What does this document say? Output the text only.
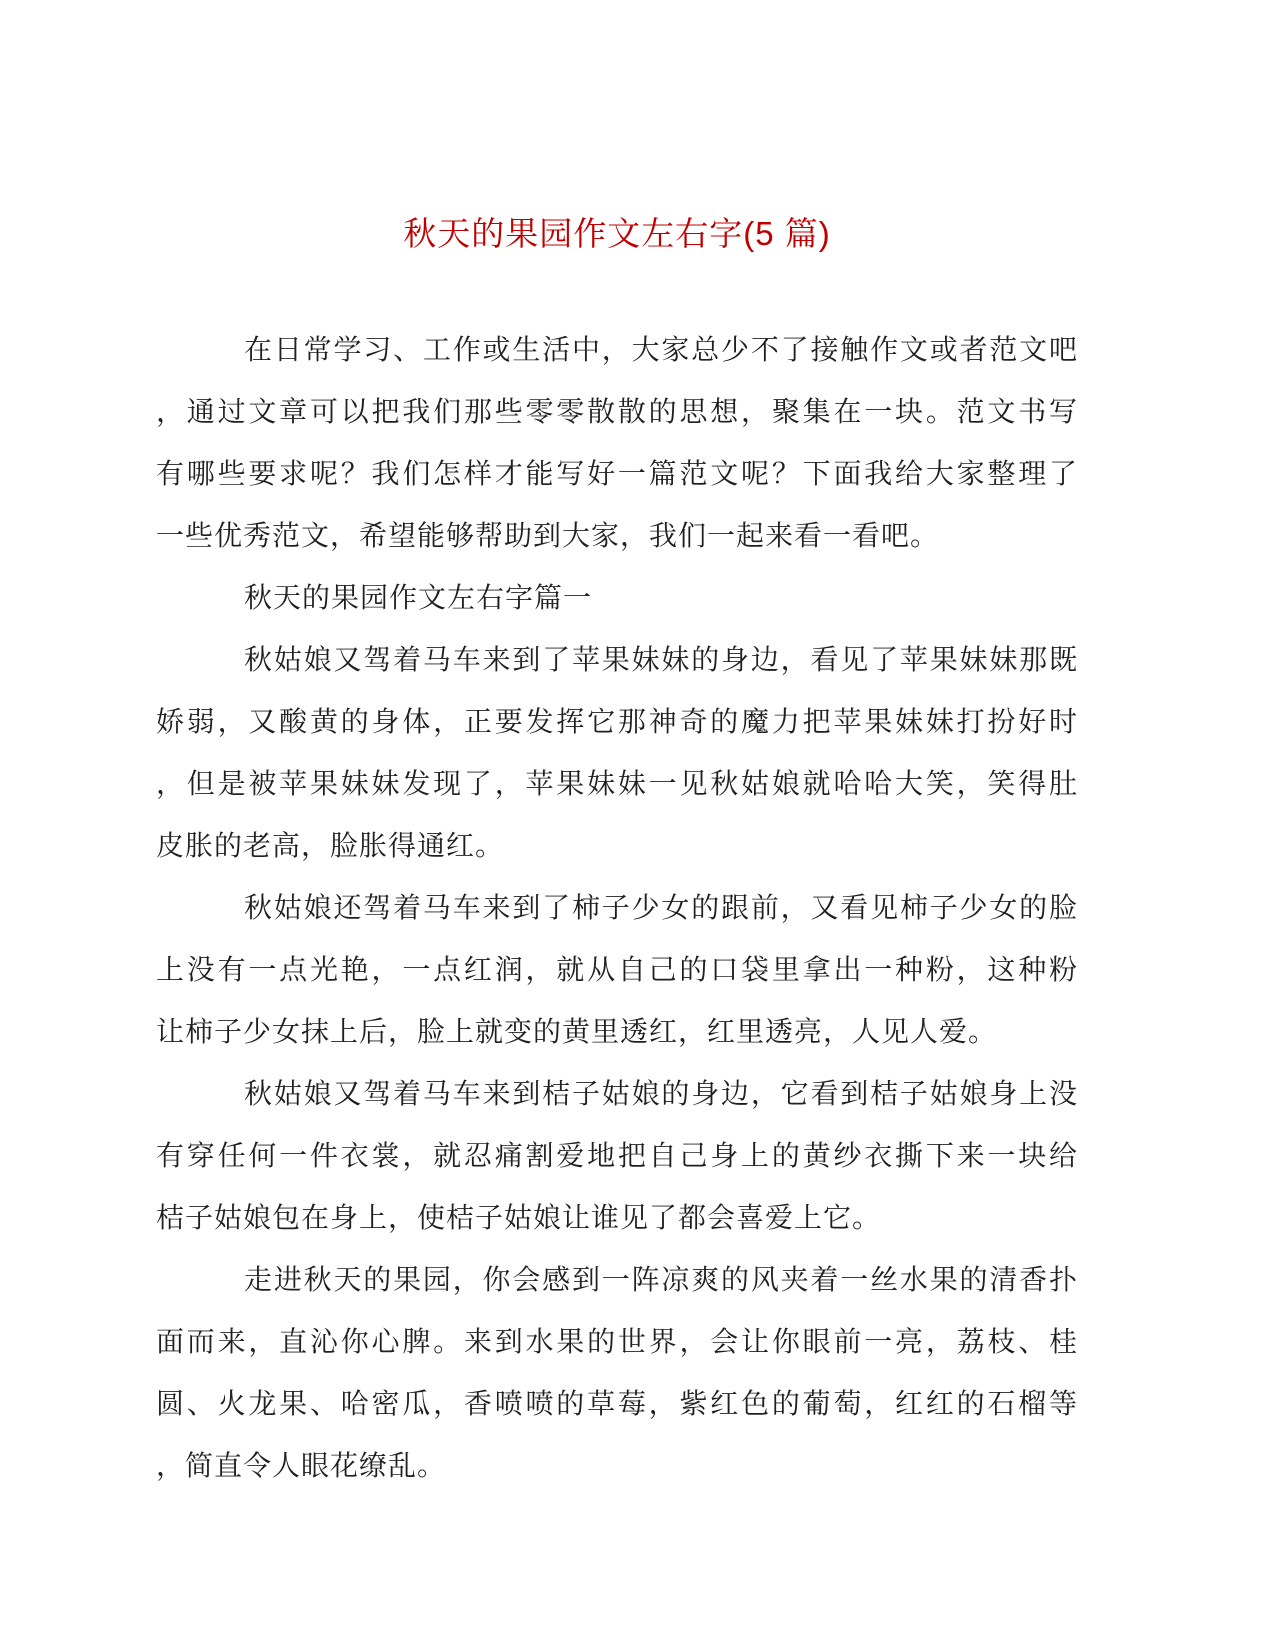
秋天的果园作文左右字(5 篇)
在日常学习、工作或生活中，大家总少不了接触作文或者范文吧
，通过文章可以把我们那些零零散散的思想，聚集在一块。范文书写
有哪些要求呢？我们怎样才能写好一篇范文呢？下面我给大家整理了
一些优秀范文，希望能够帮助到大家，我们一起来看一看吧。
秋天的果园作文左右字篇一
秋姑娘又驾着马车来到了苹果妹妹的身边，看见了苹果妹妹那既
娇弱，又酸黄的身体，正要发挥它那神奇的魔力把苹果妹妹打扮好时
，但是被苹果妹妹发现了，苹果妹妹一见秋姑娘就哈哈大笑，笑得肚
皮胀的老高，脸胀得通红。
秋姑娘还驾着马车来到了柿子少女的跟前，又看见柿子少女的脸
上没有一点光艳，一点红润，就从自己的口袋里拿出一种粉，这种粉
让柿子少女抹上后，脸上就变的黄里透红，红里透亮，人见人爱。
秋姑娘又驾着马车来到桔子姑娘的身边，它看到桔子姑娘身上没
有穿任何一件衣裳，就忍痛割爱地把自己身上的黄纱衣撕下来一块给
桔子姑娘包在身上，使桔子姑娘让谁见了都会喜爱上它。
走进秋天的果园，你会感到一阵凉爽的风夹着一丝水果的清香扑
面而来，直沁你心脾。来到水果的世界，会让你眼前一亮，荔枝、桂
圆、火龙果、哈密瓜，香喷喷的草莓，紫红色的葡萄，红红的石榴等
，简直令人眼花缭乱。
